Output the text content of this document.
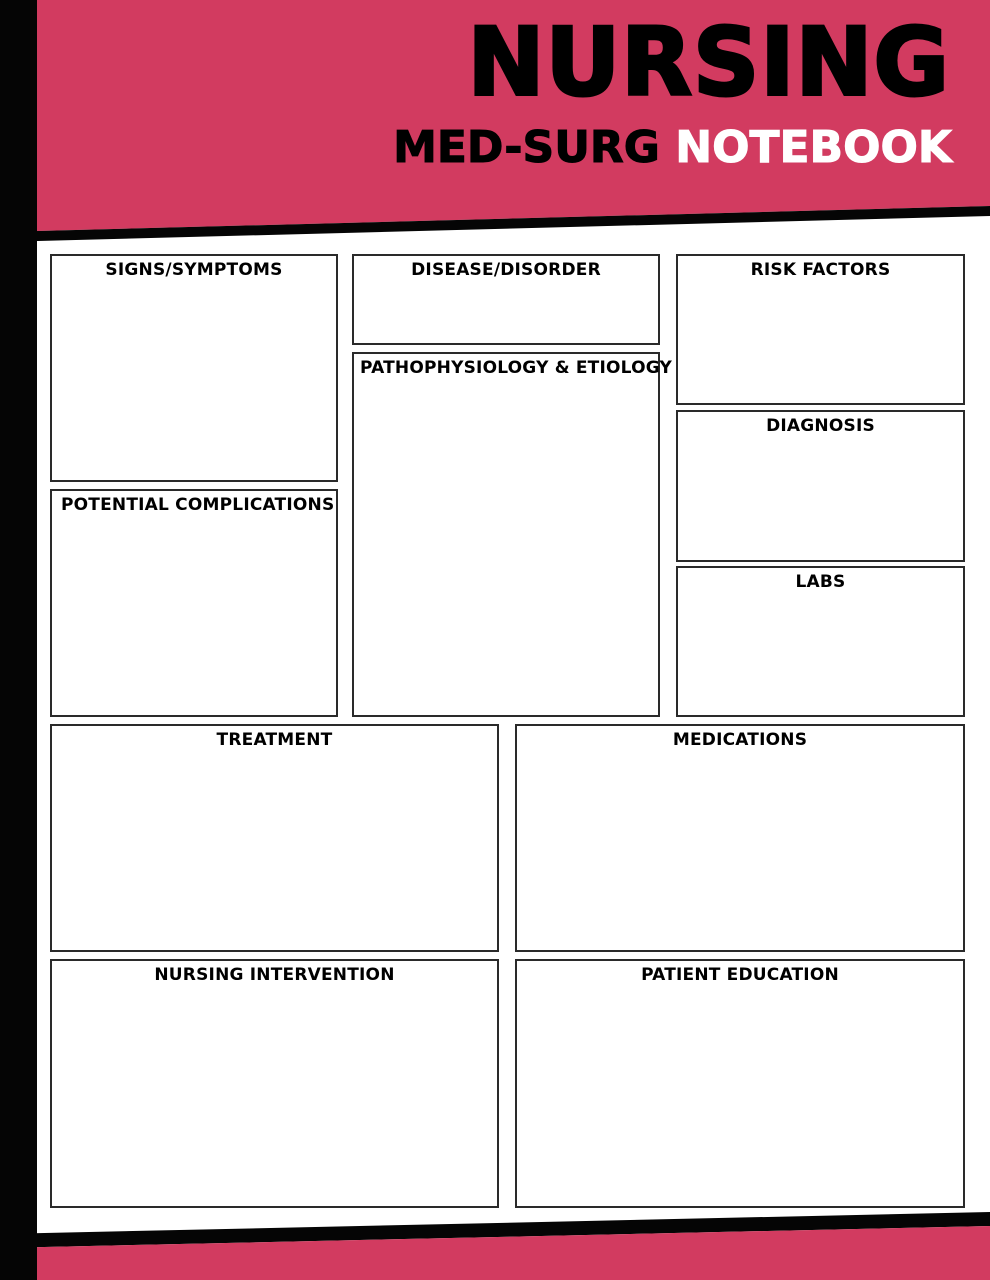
NURSING
MED-SURG NOTEBOOK
SIGNS/SYMPTOMS	DISEASE/DISORDER	RISK FACTORS
PATHOPHYSIOLOGY & ETIOLOGY
DIAGNOSIS
POTENTIAL COMPLICATIONS
LABS
TREATMENT	MEDICATIONS
NURSING INTERVENTION	PATIENT EDUCATION
